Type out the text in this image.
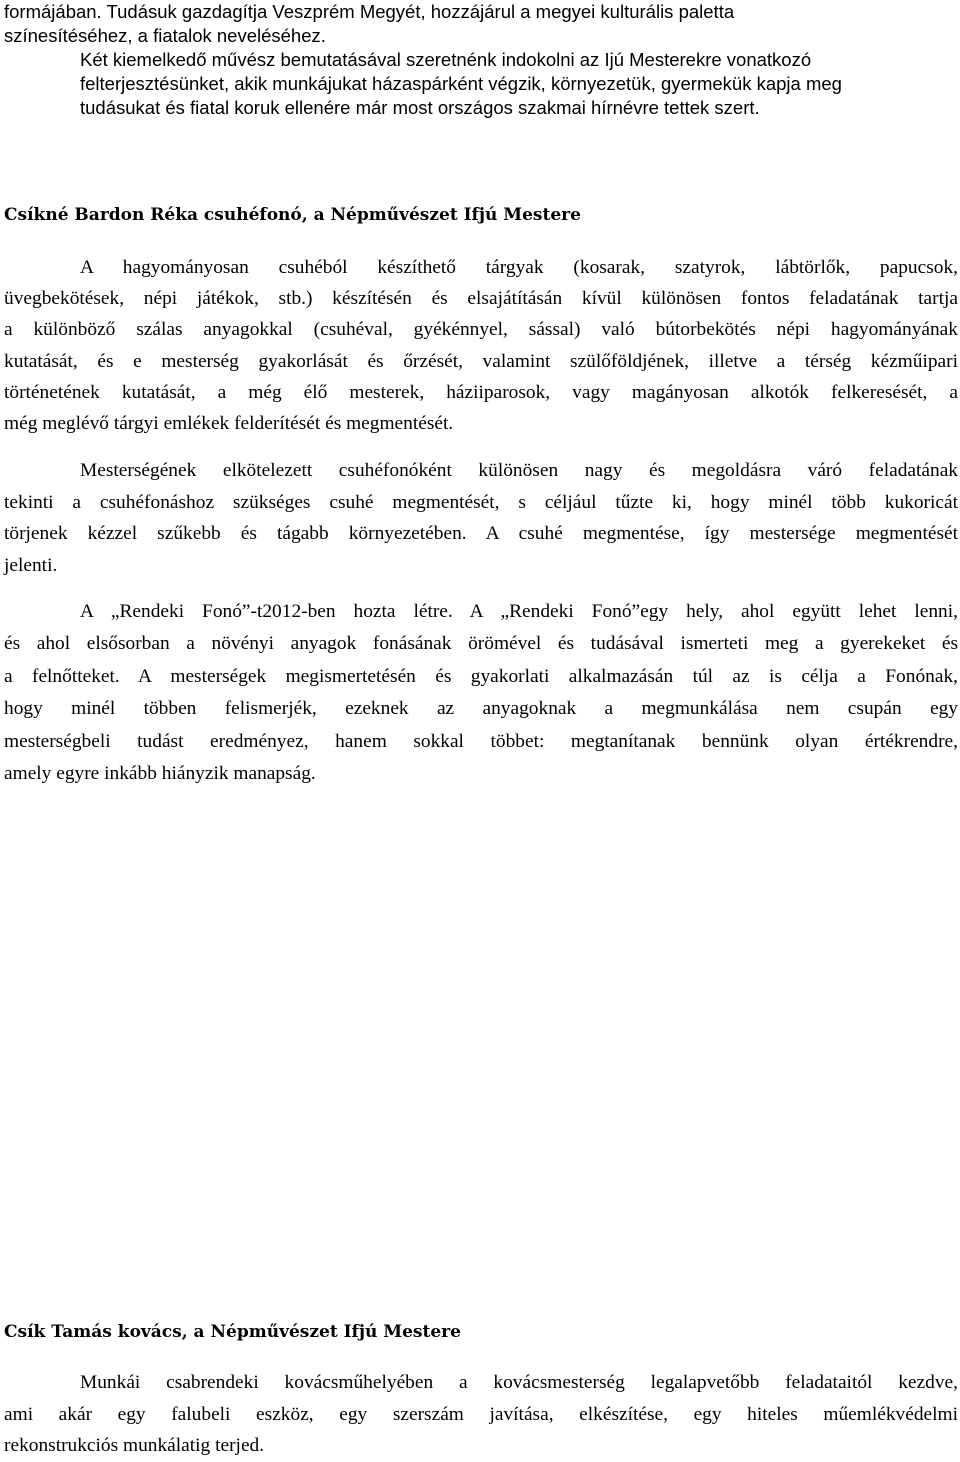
formájában. Tudásuk gazdagítja Veszprém Megyét, hozzájárul a megyei kulturális paletta
színesítéséhez, a fiatalok neveléséhez.
Két kiemelkedő művész bemutatásával szeretnénk indokolni az Ijú Mesterekre vonatkozó
felterjesztésünket, akik munkájukat házaspárként végzik, környezetük, gyermekük kapja meg
tudásukat és fiatal koruk ellenére már most országos szakmai hírnévre tettek szert.
Csíkné Bardon Réka csuhéfonó, a Népművészet Ifjú Mestere
A hagyományosan csuhéból készíthető tárgyak (kosarak, szatyrok, lábtörlők, papucsok,
üvegbekötések, népi játékok, stb.) készítésén és elsajátításán kívül különösen fontos feladatának tartja
a különböző szálas anyagokkal (csuhéval, gyékénnyel, sással) való bútorbekötés népi hagyományának
kutatását, és e mesterség gyakorlását és őrzését, valamint szülőföldjének, illetve a térség kézműipari
történetének kutatását, a még élő mesterek, háziiparosok, vagy magányosan alkotók felkeresését, a
még meglévő tárgyi emlékek felderítését és megmentését.
Mesterségének elkötelezett csuhéfonóként különösen nagy és megoldásra váró feladatának
tekinti a csuhéfonáshoz szükséges csuhé megmentését, s céljául tűzte ki, hogy minél több kukoricát
törjenek kézzel szűkebb és tágabb környezetében. A csuhé megmentése, így mestersége megmentését
jelenti.
A „Rendeki Fonó”-t2012-ben hozta létre. A „Rendeki Fonó”egy hely, ahol együtt lehet lenni,
és ahol elsősorban a növényi anyagok fonásának örömével és tudásával ismerteti meg a gyerekeket és
a felnőtteket. A mesterségek megismertetésén és gyakorlati alkalmazásán túl az is célja a Fonónak,
hogy minél többen felismerjék, ezeknek az anyagoknak a megmunkálása nem csupán egy
mesterségbeli tudást eredményez, hanem sokkal többet: megtanítanak bennünk olyan értékrendre,
amely egyre inkább hiányzik manapság.
Csík Tamás kovács, a Népművészet Ifjú Mestere
Munkái csabrendeki kovácsműhelyében a kovácsmesterség legalapvetőbb feladataitól kezdve,
ami akár egy falubeli eszköz, egy szerszám javítása, elkészítése, egy hiteles műemlékvédelmi
rekonstrukciós munkálatig terjed.
